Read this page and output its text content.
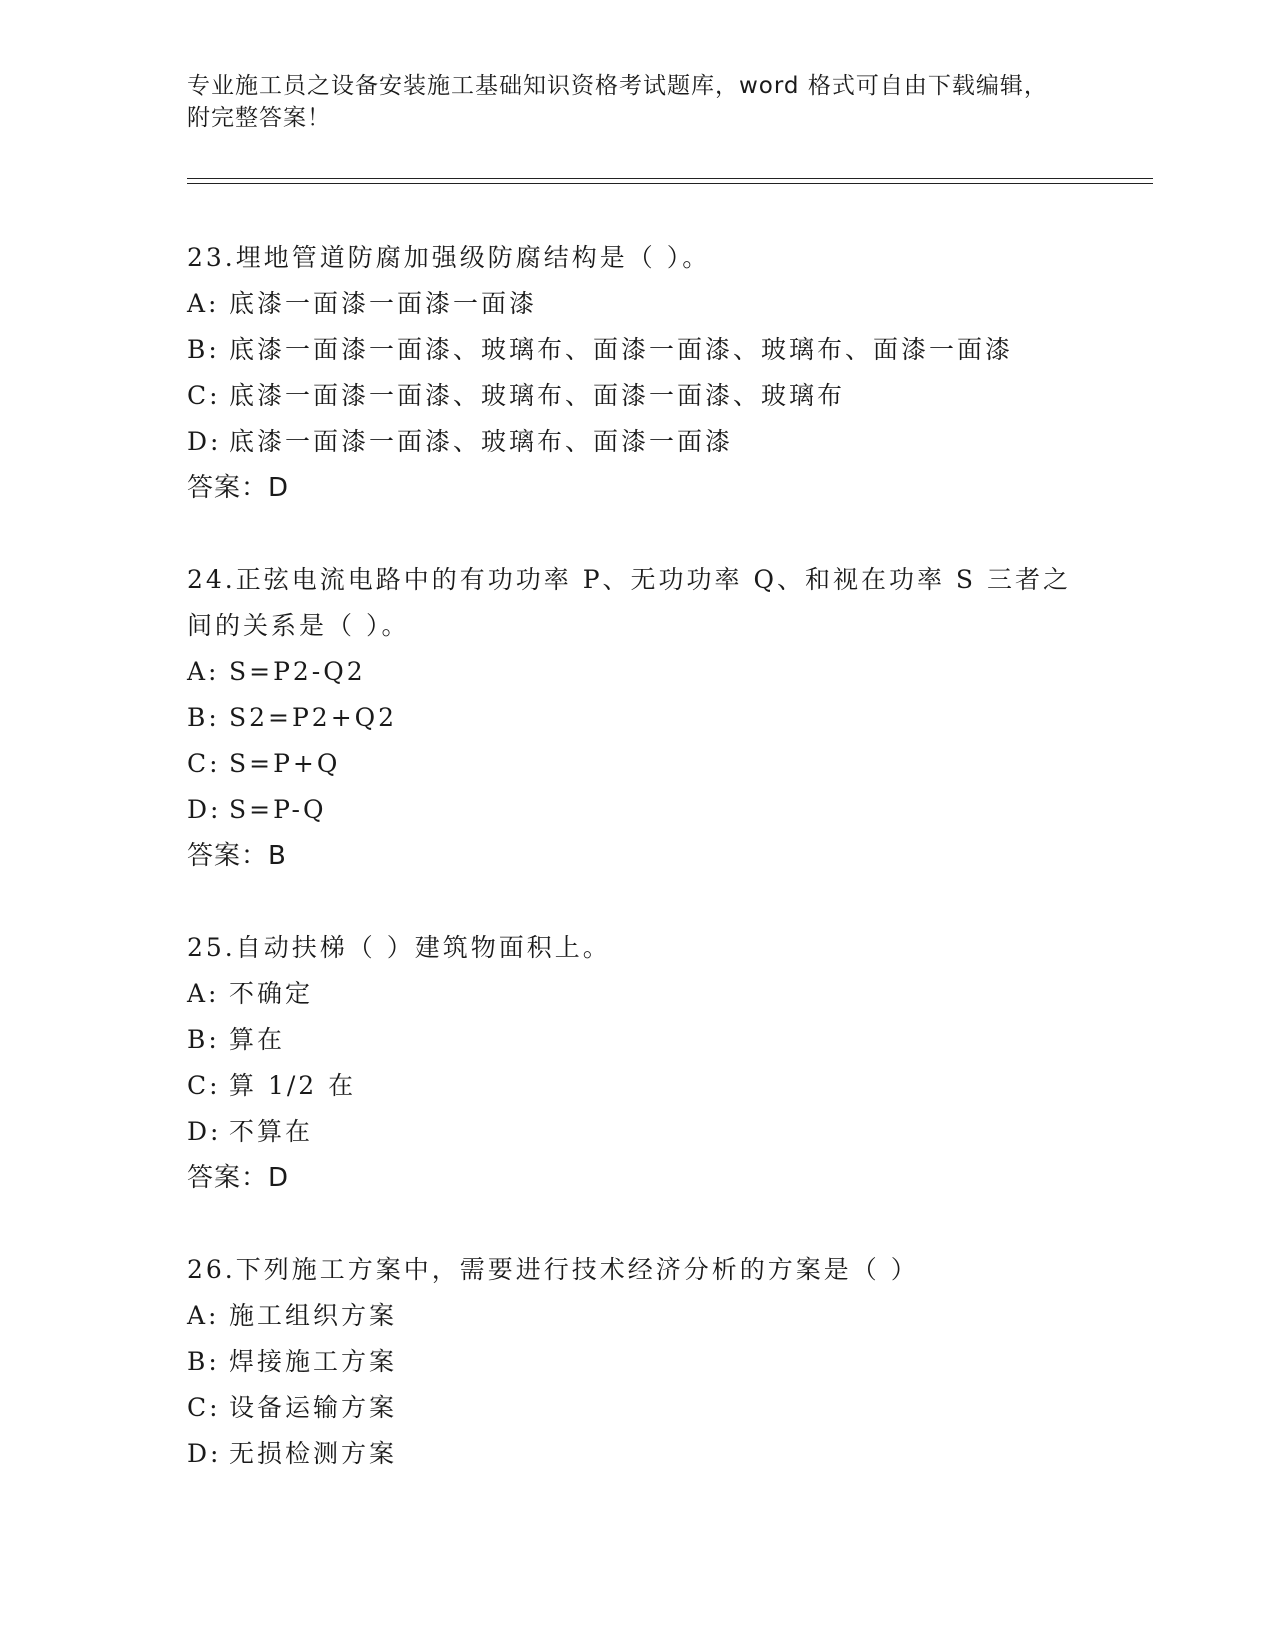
专业施工员之设备安装施工基础知识资格考试题库，word 格式可自由下载编辑，
附完整答案！
23.埋地管道防腐加强级防腐结构是（ ）。
A: 底漆一面漆一面漆一面漆
B: 底漆一面漆一面漆、玻璃布、面漆一面漆、玻璃布、面漆一面漆
C: 底漆一面漆一面漆、玻璃布、面漆一面漆、玻璃布
D: 底漆一面漆一面漆、玻璃布、面漆一面漆
答案：D
24.正弦电流电路中的有功功率 P、无功功率 Q、和视在功率 S 三者之
间的关系是（ ）。
A: S=P2-Q2
B: S2=P2+Q2
C: S=P+Q
D: S=P-Q
答案：B
25.自动扶梯（ ）建筑物面积上。
A: 不确定
B: 算在
C: 算 1/2 在
D: 不算在
答案：D
26.下列施工方案中，需要进行技术经济分析的方案是（ ）
A: 施工组织方案
B: 焊接施工方案
C: 设备运输方案
D: 无损检测方案
